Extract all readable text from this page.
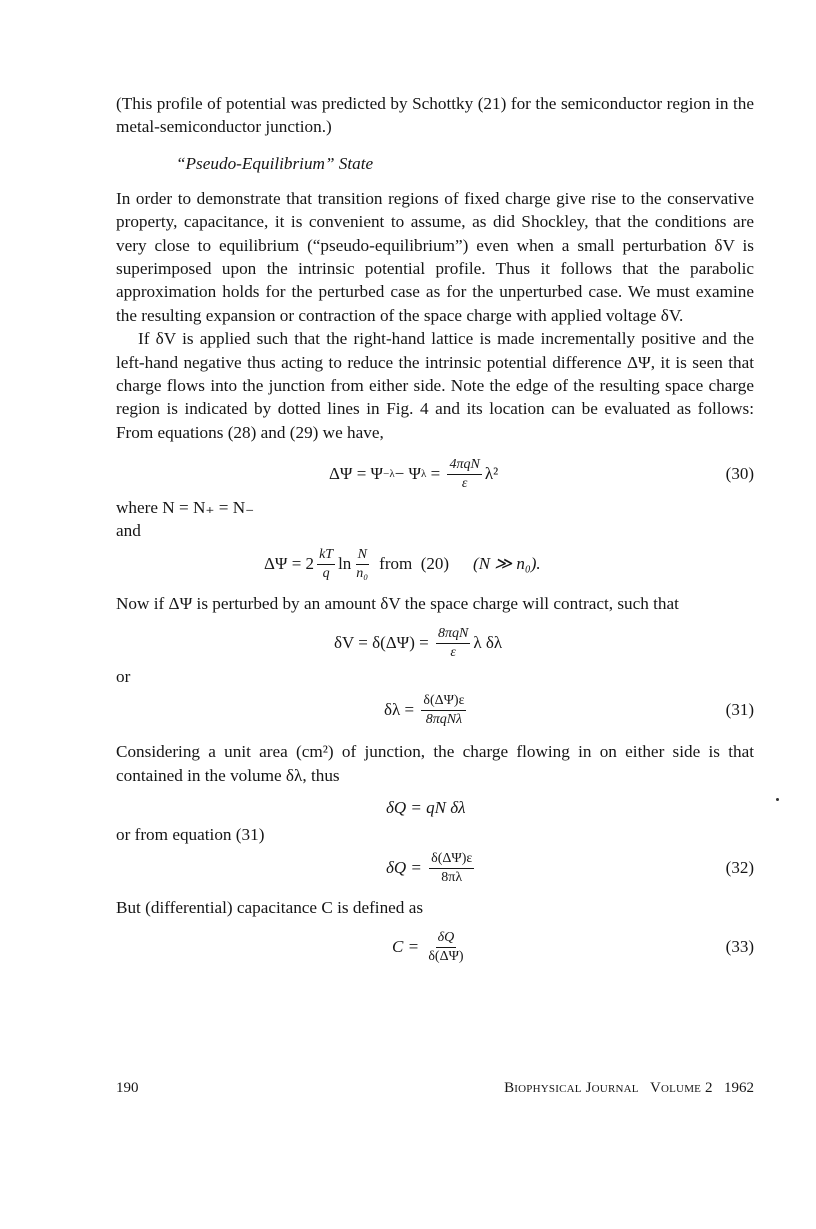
(This profile of potential was predicted by Schottky (21) for the semiconductor region in the metal-semiconductor junction.)

“Pseudo-Equilibrium” State

In order to demonstrate that transition regions of fixed charge give rise to the conservative property, capacitance, it is convenient to assume, as did Shockley, that the conditions are very close to equilibrium (“pseudo-equilibrium”) even when a small perturbation δV is superimposed upon the intrinsic potential profile. Thus it follows that the parabolic approximation holds for the perturbed case as for the unperturbed case. We must examine the resulting expansion or contraction of the space charge with applied voltage δV.

If δV is applied such that the right-hand lattice is made incrementally positive and the left-hand negative thus acting to reduce the intrinsic potential difference ΔΨ, it is seen that charge flows into the junction from either side. Note the edge of the resulting space charge region is indicated by dotted lines in Fig. 4 and its location can be evaluated as follows: From equations (28) and (29) we have,

ΔΨ = Ψ −λ − Ψ $\lambda = \frac{\text{4πqN}}{\varepsilon} \lambda^2$	(30)
where N = N₊ = N₋
and
$\Delta\Psi = 2 \frac{kT}{q}$ $\ln \frac{N}{\text{n₀}}$ from  (20) (N ≫ n₀).
Now if ΔΨ is perturbed by an amount δV the space charge will contract, such that
$\delta V = \delta(\Delta\Psi) = \frac{\text{8πqN}}{\varepsilon}$ λ δλ
or
$\delta\lambda = \frac{\delta(\Delta\Psi)\varepsilon}{\text{8πqNλ}}$	(31)

Considering a unit area (cm²) of junction, the charge flowing in on either side is that contained in the volume δλ, thus

δQ = qN δλ
or from equation (31)
$\delta Q = \frac{\delta(\Delta\Psi)\varepsilon}{8\pi\lambda}$	(32)
But (differential) capacitance C is defined as
$C = \frac{\delta Q}{\delta(\Delta\Psi)}$	(33)
190	Biophysical Journal Volume 2 1962
